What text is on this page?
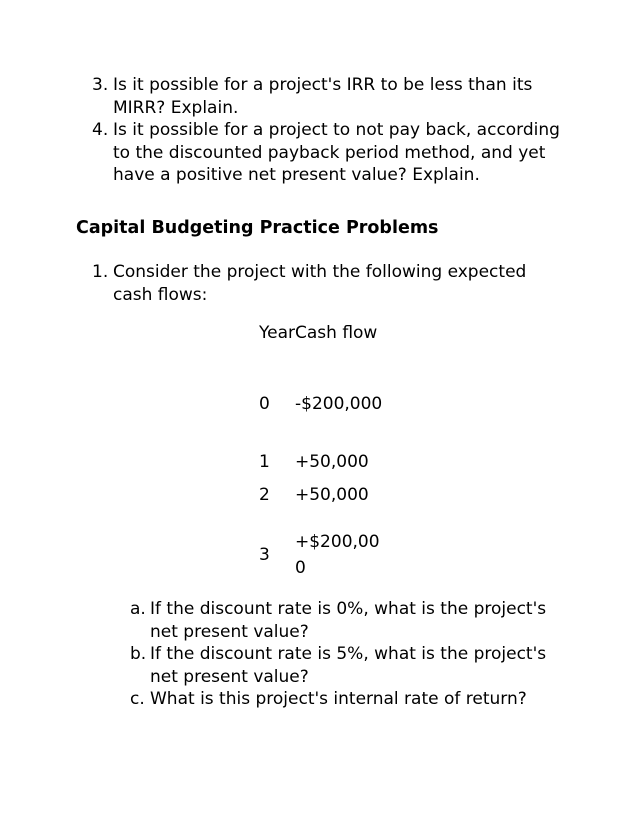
3. Is it possible for a project's IRR to be less than its MIRR? Explain.
4. Is it possible for a project to not pay back, according to the discounted payback period method, and yet have a positive net present value? Explain.
Capital Budgeting Practice Problems
1. Consider the project with the following expected cash flows:
Year	Cash flow
0	-$200,000
1	+50,000
2	+50,000
3	+$200,000
a. If the discount rate is 0%, what is the project's net present value?
b. If the discount rate is 5%, what is the project's net present value?
c. What is this project's internal rate of return?
